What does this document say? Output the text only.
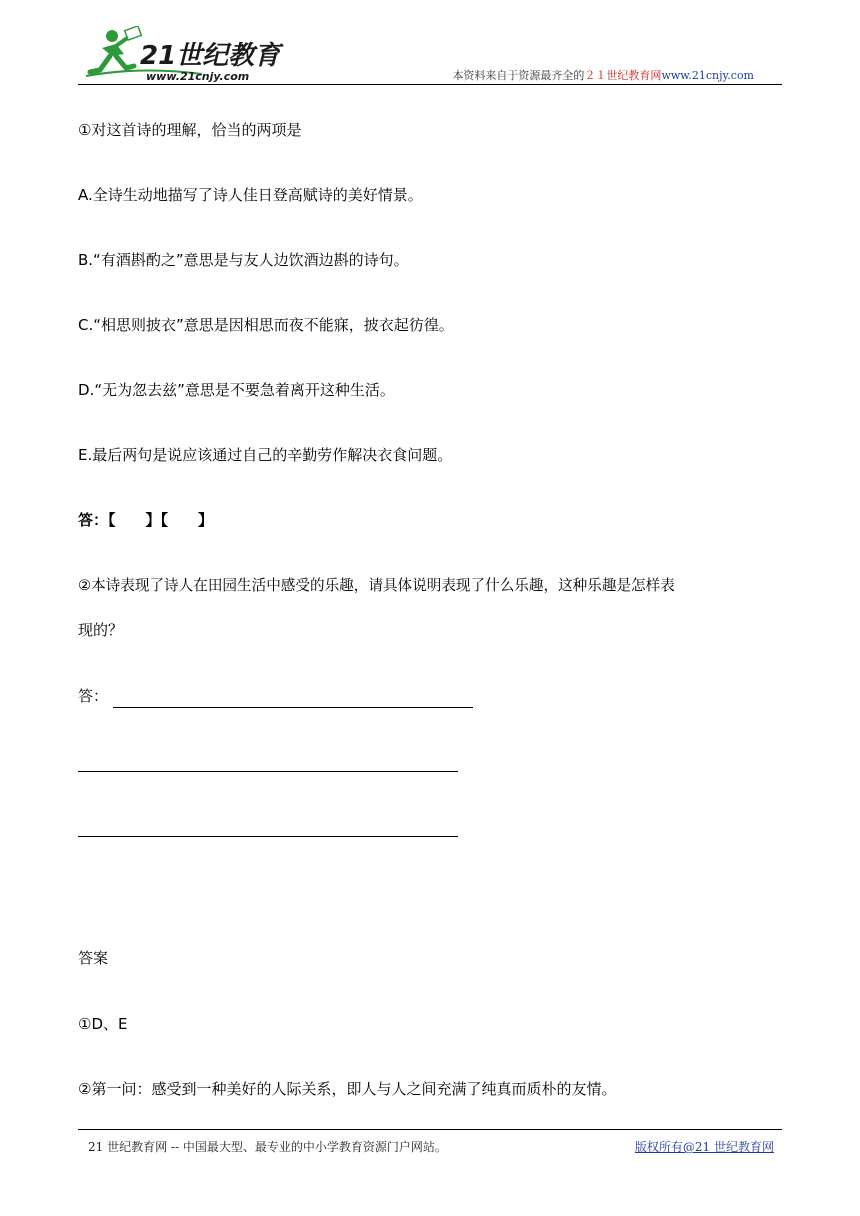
21世纪教育
www.21cnjy.com	本资料来自于资源最齐全的２１世纪教育网www.21cnjy.com
①对这首诗的理解，恰当的两项是
A.全诗生动地描写了诗人佳日登高赋诗的美好情景。
B.“有酒斟酌之”意思是与友人边饮酒边斟的诗句。
C.“相思则披衣”意思是因相思而夜不能寐，披衣起彷徨。
D.“无为忽去兹”意思是不要急着离开这种生活。
E.最后两句是说应该通过自己的辛勤劳作解决衣食问题。
答：【　　】【　　】
②本诗表现了诗人在田园生活中感受的乐趣，请具体说明表现了什么乐趣，这种乐趣是怎样表
现的？
答：
答案
①D、E
②第一问：感受到一种美好的人际关系，即人与人之间充满了纯真而质朴的友情。
21 世纪教育网 -- 中国最大型、最专业的中小学教育资源门户网站。	版权所有@21 世纪教育网
